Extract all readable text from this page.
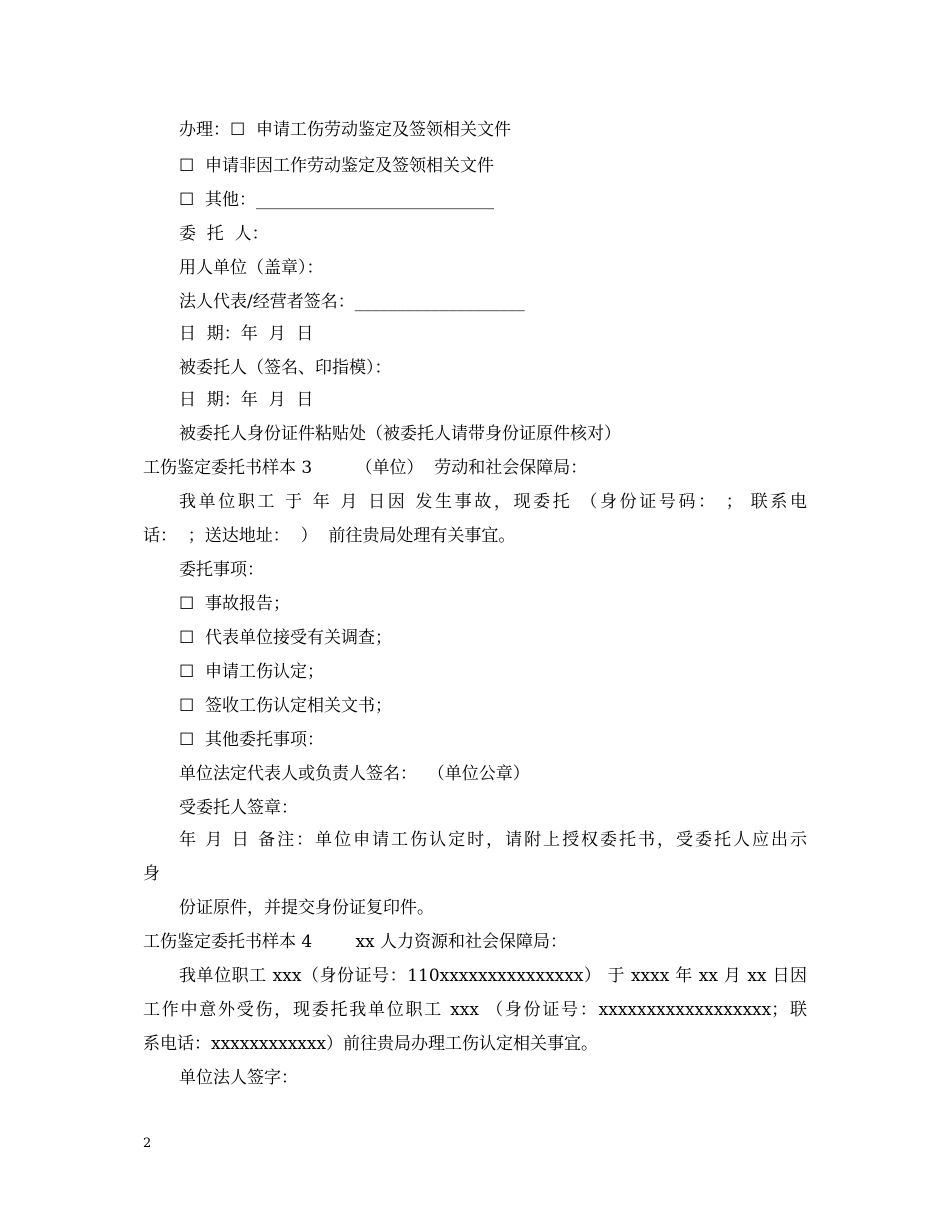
办理：☐  申请工伤劳动鉴定及签领相关文件
☐  申请非因工作劳动鉴定及签领相关文件
☐  其他：____________________________
委  托  人：
用人单位（盖章）：
法人代表/经营者签名：____________________
日  期：年  月  日
被委托人（签名、印指模）：
日  期：年  月  日
被委托人身份证件粘贴处（被委托人请带身份证原件核对）
工伤鉴定委托书样本 3        （单位）  劳动和社会保障局：
我单位职工 于 年 月 日因 发生事故，现委托 （身份证号码： ； 联系电
话：  ；送达地址：  ）  前往贵局处理有关事宜。
委托事项：
☐  事故报告；
☐  代表单位接受有关调查；
☐  申请工伤认定；
☐  签收工伤认定相关文书；
☐  其他委托事项：
单位法定代表人或负责人签名：  （单位公章）
受委托人签章：
年 月 日 备注：单位申请工伤认定时，请附上授权委托书，受委托人应出示
身
份证原件，并提交身份证复印件。
工伤鉴定委托书样本 4        xx 人力资源和社会保障局：
我单位职工 xxx（身份证号：110xxxxxxxxxxxxxxx） 于 xxxx 年 xx 月 xx 日因
工作中意外受伤，现委托我单位职工 xxx （身份证号：xxxxxxxxxxxxxxxxxx；联
系电话：xxxxxxxxxxxx）前往贵局办理工伤认定相关事宜。
单位法人签字：
2
